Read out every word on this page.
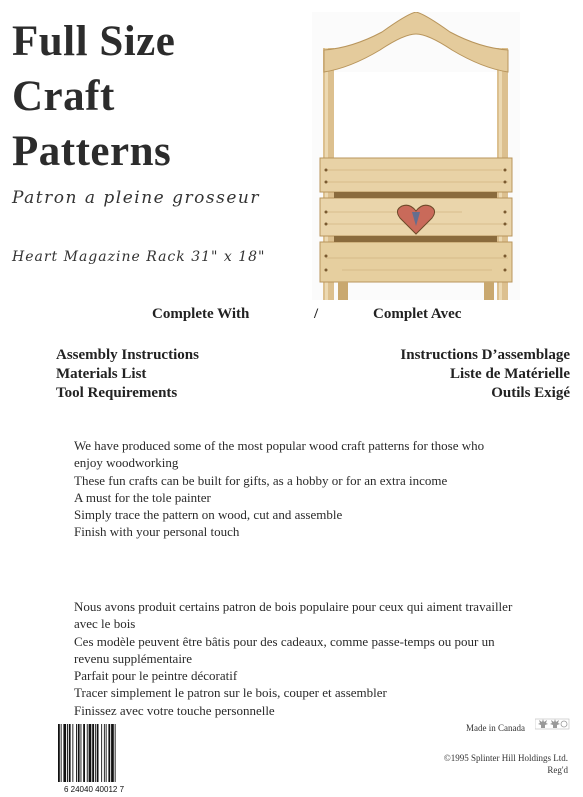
Full Size
Craft
Patterns
Patron a pleine grosseur
Heart Magazine Rack 31" x 18"
Complete With	/	Complet Avec
Assembly Instructions
Materials List
Tool Requirements
Instructions D’assemblage
Liste de Matérielle
Outils Exigé
We have produced some of the most popular wood craft patterns for those who enjoy woodworking
These fun crafts can be built for gifts, as a hobby or for an extra income
A must for the tole painter
Simply trace the pattern on wood, cut and assemble
Finish with your personal touch
Nous avons produit certains patron de bois populaire pour ceux qui aiment travailler avec le bois
Ces modèle peuvent être bâtis pour des cadeaux, comme passe-temps ou pour un revenu supplémentaire
Parfait pour le peintre décoratif
Tracer simplement le patron sur le bois, couper et assembler
Finissez avec votre touche personnelle
6 24040 40012 7
Made in Canada
©1995 Splinter Hill Holdings Ltd.
Reg'd
